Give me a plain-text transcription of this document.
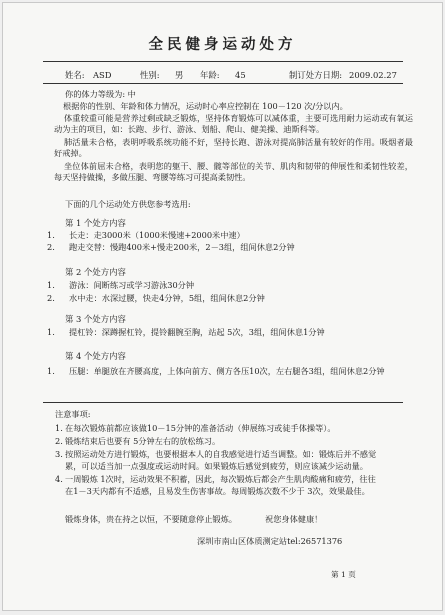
全民健身运动处方
姓名: ASD	性别: 男 年龄: 45	制订处方日期: 2009.02.27
你的体力等级为: 中
根据你的性别、年龄和体力情况，运动时心率应控制在 100－120 次/分以内。
体重较重可能是营养过剩或缺乏锻炼，坚持体育锻炼可以减体重，主要可选用耐力运动或有氧运动为主的项目，如：长跑、步行、游泳、划船、爬山、健美操、迪斯科等。
肺活量未合格，表明呼吸系统功能不好，坚持长跑、游泳对提高肺活量有较好的作用。吸烟者最好戒掉。
坐位体前屈未合格，表明您的躯干、腰、髋等部位的关节、肌肉和韧带的伸展性和柔韧性较差，每天坚持做操，多做压腿、弯腰等练习可提高柔韧性。
下面的几个运动处方供您参考选用:
第 1 个处方内容
1. 长走：走3000米（1000米慢速+2000米中速）
2. 跑走交替：慢跑400米+慢走200米，2－3组，组间休息2分钟
第 2 个处方内容
1. 游泳：间断练习或学习游泳30分钟
2. 水中走：水深过腰，快走4分钟，5组，组间休息2分钟
第 3 个处方内容
1. 提杠铃：深蹲握杠铃，提铃翻腕至胸，站起 5次，3组，组间休息1分钟
第 4 个处方内容
1. 压腿：单腿放在齐腰高度，上体向前方、侧方各压10次，左右腿各3组，组间休息2分钟
注意事项:
1. 在每次锻炼前都应该做10－15分钟的准备活动（伸展练习或徒手体操等）。
2. 锻炼结束后也要有 5分钟左右的放松练习。
3. 按照运动处方进行锻炼，也要根据本人的自我感觉进行适当调整。如：锻炼后并不感觉
累，可以适当加一点强度或运动时间。如果锻炼后感觉到疲劳，则应该减少运动量。
4. 一周锻炼 1次时，运动效果不积蓄，因此，每次锻炼后都会产生肌肉酸痛和疲劳，往往
在1－3天内都有不适感，且易发生伤害事故。每周锻炼次数不少于 3次，效果最佳。
锻炼身体，贵在持之以恒，不要随意停止锻炼。	祝您身体健康！
深圳市南山区体质测定站tel:26571376
第 1 页
